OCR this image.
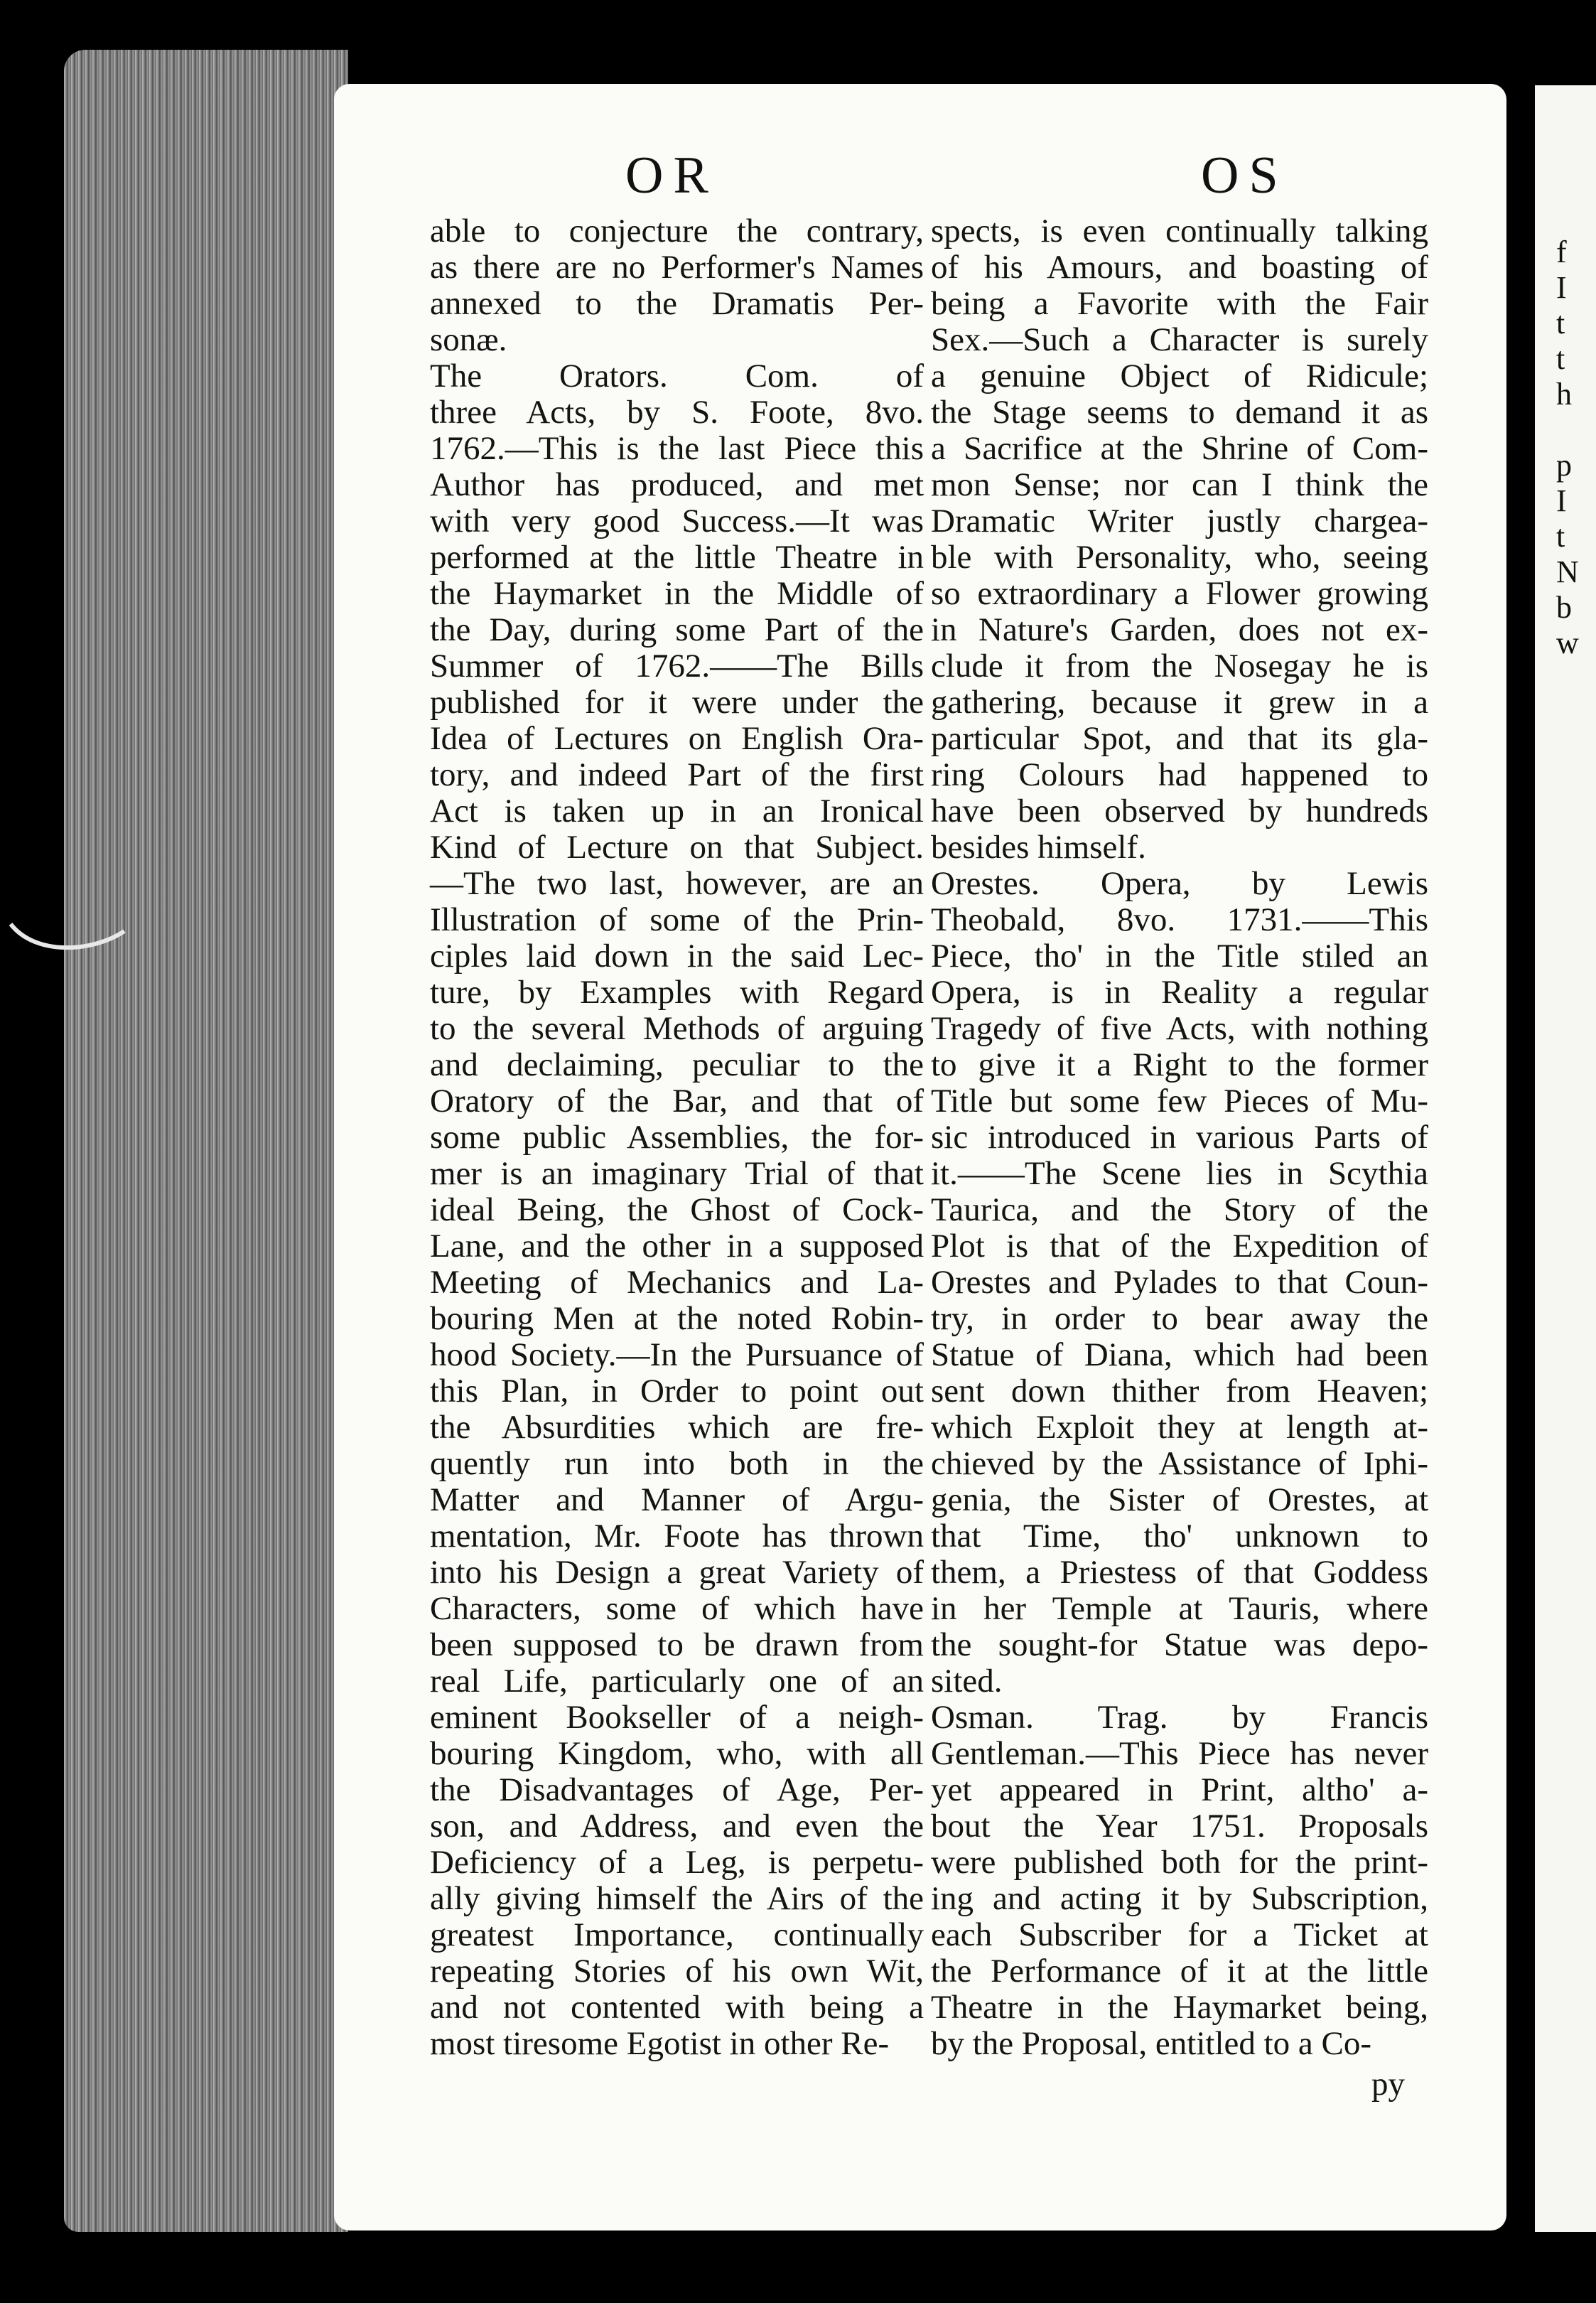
f
I
t
t
h

p
I
t
N
b
w
OR	OS
able to conjecture the contrary,
as there are no Performer's Names
annexed to the Dramatis Per-
sonæ.
The Orators. Com. of
three Acts, by S. Foote, 8vo.
1762.—This is the last Piece this
Author has produced, and met
with very good Success.—It was
performed at the little Theatre in
the Haymarket in the Middle of
the Day, during some Part of the
Summer of 1762.——The Bills
published for it were under the
Idea of Lectures on English Ora-
tory, and indeed Part of the first
Act is taken up in an Ironical
Kind of Lecture on that Subject.
—The two last, however, are an
Illustration of some of the Prin-
ciples laid down in the said Lec-
ture, by Examples with Regard
to the several Methods of arguing
and declaiming, peculiar to the
Oratory of the Bar, and that of
some public Assemblies, the for-
mer is an imaginary Trial of that
ideal Being, the Ghost of Cock-
Lane, and the other in a supposed
Meeting of Mechanics and La-
bouring Men at the noted Robin-
hood Society.—In the Pursuance of
this Plan, in Order to point out
the Absurdities which are fre-
quently run into both in the
Matter and Manner of Argu-
mentation, Mr. Foote has thrown
into his Design a great Variety of
Characters, some of which have
been supposed to be drawn from
real Life, particularly one of an
eminent Bookseller of a neigh-
bouring Kingdom, who, with all
the Disadvantages of Age, Per-
son, and Address, and even the
Deficiency of a Leg, is perpetu-
ally giving himself the Airs of the
greatest Importance, continually
repeating Stories of his own Wit,
and not contented with being a
most tiresome Egotist in other Re-
spects, is even continually talking
of his Amours, and boasting of
being a Favorite with the Fair
Sex.—Such a Character is surely
a genuine Object of Ridicule;
the Stage seems to demand it as
a Sacrifice at the Shrine of Com-
mon Sense; nor can I think the
Dramatic Writer justly chargea-
ble with Personality, who, seeing
so extraordinary a Flower growing
in Nature's Garden, does not ex-
clude it from the Nosegay he is
gathering, because it grew in a
particular Spot, and that its gla-
ring Colours had happened to
have been observed by hundreds
besides himself.
Orestes. Opera, by Lewis
Theobald, 8vo. 1731.——This
Piece, tho' in the Title stiled an
Opera, is in Reality a regular
Tragedy of five Acts, with nothing
to give it a Right to the former
Title but some few Pieces of Mu-
sic introduced in various Parts of
it.——The Scene lies in Scythia
Taurica, and the Story of the
Plot is that of the Expedition of
Orestes and Pylades to that Coun-
try, in order to bear away the
Statue of Diana, which had been
sent down thither from Heaven;
which Exploit they at length at-
chieved by the Assistance of Iphi-
genia, the Sister of Orestes, at
that Time, tho' unknown to
them, a Priestess of that Goddess
in her Temple at Tauris, where
the sought-for Statue was depo-
sited.
Osman. Trag. by Francis
Gentleman.—This Piece has never
yet appeared in Print, altho' a-
bout the Year 1751. Proposals
were published both for the print-
ing and acting it by Subscription,
each Subscriber for a Ticket at
the Performance of it at the little
Theatre in the Haymarket being,
by the Proposal, entitled to a Co-
py
